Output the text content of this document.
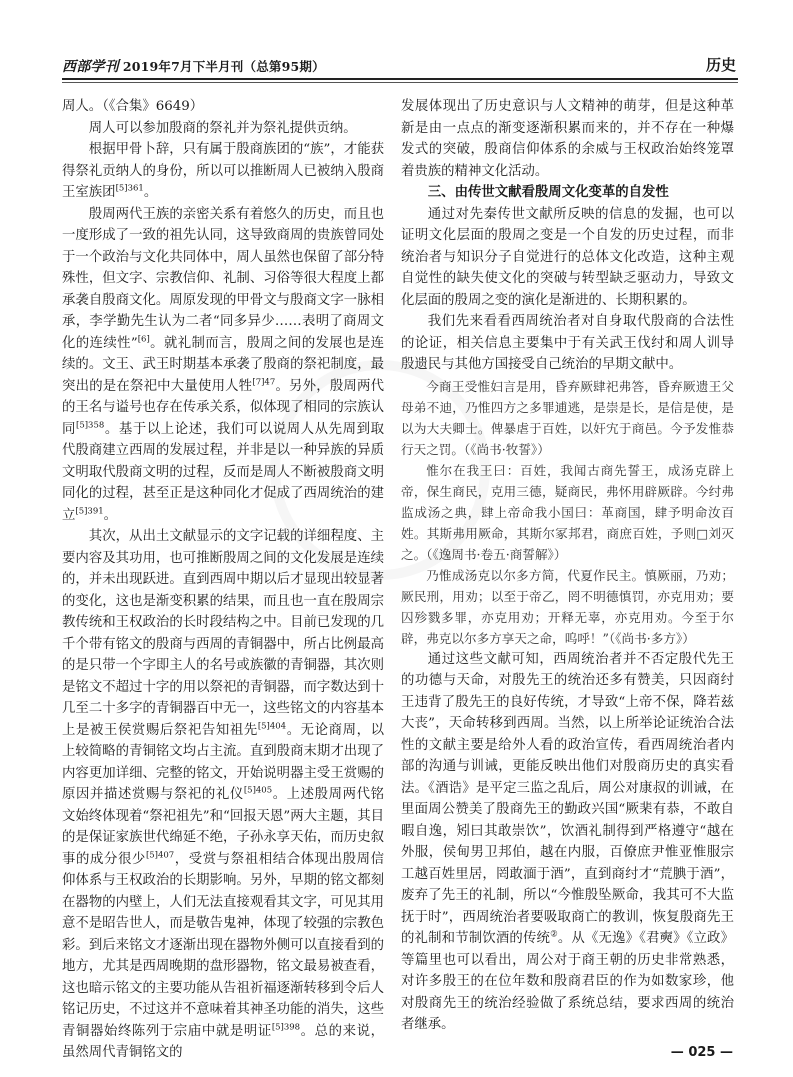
西部学刊 2019年7月下半月刊（总第95期）	历史

周人。（《合集》6649）

周人可以参加殷商的祭礼并为祭礼提供贡纳。

根据甲骨卜辞，只有属于殷商族团的“族”，才能获得祭礼贡纳人的身份，所以可以推断周人已被纳入殷商王室族团$^{[5]361}$。

殷周两代王族的亲密关系有着悠久的历史，而且也一度形成了一致的祖先认同，这导致商周的贵族曾同处于一个政治与文化共同体中，周人虽然也保留了部分特殊性，但文字、宗教信仰、礼制、习俗等很大程度上都承袭自殷商文化。周原发现的甲骨文与殷商文字一脉相承，李学勤先生认为二者“同多异少……表明了商周文化的连续性”[6]。就礼制而言，殷周之间的发展也是连续的。文王、武王时期基本承袭了殷商的祭祀制度，最突出的是在祭祀中大量使用人牲$^{[7]47}$。另外，殷周两代的王名与谥号也存在传承关系，似体现了相同的宗族认同$^{[5]358}$。基于以上论述，我们可以说周人从先周到取代殷商建立西周的发展过程，并非是以一种异族的异质文明取代殷商文明的过程，反而是周人不断被殷商文明同化的过程，甚至正是这种同化才促成了西周统治的建立$^{[5]391}$。

其次，从出土文献显示的文字记载的详细程度、主要内容及其功用，也可推断殷周之间的文化发展是连续的，并未出现跃进。直到西周中期以后才显现出较显著的变化，这也是渐变积累的结果，而且也一直在殷周宗教传统和王权政治的长时段结构之中。目前已发现的几千个带有铭文的殷商与西周的青铜器中，所占比例最高的是只带一个字即主人的名号或族徽的青铜器，其次则是铭文不超过十字的用以祭祀的青铜器，而字数达到十几至二十多字的青铜器百中无一，这些铭文的内容基本上是被王侯赏赐后祭祀告知祖先$^{[5]404}$。无论商周，以上较简略的青铜铭文均占主流。直到殷商末期才出现了内容更加详细、完整的铭文，开始说明器主受王赏赐的原因并描述赏赐与祭祀的礼仪$^{[5]405}$。上述殷周两代铭文始终体现着“祭祀祖先”和“回报天恩”两大主题，其目的是保证家族世代绵延不绝，子孙永享天佑，而历史叙事的成分很少$^{[5]407}$，受赏与祭祖相结合体现出殷周信仰体系与王权政治的长期影响。另外，早期的铭文都刻在器物的内壁上，人们无法直接观看其文字，可见其用意不是昭告世人，而是敬告鬼神，体现了较强的宗教色彩。到后来铭文才逐渐出现在器物外侧可以直接看到的地方，尤其是西周晚期的盘形器物，铭文最易被查看，这也暗示铭文的主要功能从告祖祈福逐渐转移到令后人铭记历史，不过这并不意味着其神圣功能的消失，这些青铜器始终陈列于宗庙中就是明证$^{[5]398}$。总的来说，虽然周代青铜铭文的

发展体现出了历史意识与人文精神的萌芽，但是这种革新是由一点点的渐变逐渐积累而来的，并不存在一种爆发式的突破，殷商信仰体系的余威与王权政治始终笼罩着贵族的精神文化活动。

三、由传世文献看殷周文化变革的自发性

通过对先秦传世文献所反映的信息的发掘，也可以证明文化层面的殷周之变是一个自发的历史过程，而非统治者与知识分子自觉进行的总体文化改造，这种主观自觉性的缺失使文化的突破与转型缺乏驱动力，导致文化层面的殷周之变的演化是渐进的、长期积累的。

我们先来看看西周统治者对自身取代殷商的合法性的论证，相关信息主要集中于有关武王伐纣和周人训导殷遗民与其他方国接受自己统治的早期文献中。

今商王受惟妇言是用，昏弃厥肆祀弗答，昏弃厥遗王父母弟不迪，乃惟四方之多罪逋逃，是崇是长，是信是使，是以为大夫卿士。俾暴虐于百姓，以奸宄于商邑。今予发惟恭行天之罚。（《尚书·牧誓》）

惟尔在我王曰：百姓，我闻古商先誓王，成汤克辟上帝，保生商民，克用三德，疑商民，弗怀用辟厥辟。今纣弗监成汤之典，肆上帝命我小国曰：革商国，肆予明命汝百姓。其斯弗用厥命，其斯尔冢邦君，商庶百姓，予则□刘灭之。（《逸周书·卷五·商誓解》）

乃惟成汤克以尔多方简，代夏作民主。慎厥丽，乃劝；厥民刑，用劝；以至于帝乙，罔不明德慎罚，亦克用劝；要囚殄戮多罪，亦克用劝；开释无辜，亦克用劝。今至于尔辟，弗克以尔多方享天之命，呜呼！”（《尚书·多方》）

通过这些文献可知，西周统治者并不否定殷代先王的功德与天命，对殷先王的统治还多有赞美，只因商纣王违背了殷先王的良好传统，才导致“上帝不保，降若兹大丧”，天命转移到西周。当然，以上所举论证统治合法性的文献主要是给外人看的政治宣传，看西周统治者内部的沟通与训诫，更能反映出他们对殷商历史的真实看法。《酒诰》是平定三监之乱后，周公对康叔的训诫，在里面周公赞美了殷商先王的勤政兴国“厥棐有恭，不敢自暇自逸，矧曰其敢崇饮”，饮酒礼制得到严格遵守“越在外服，侯甸男卫邦伯，越在内服，百僚庶尹惟亚惟服宗工越百姓里居，罔敢湎于酒”，直到商纣才“荒腆于酒”，废弃了先王的礼制，所以“今惟殷坠厥命，我其可不大监抚于时”，西周统治者要吸取商亡的教训，恢复殷商先王的礼制和节制饮酒的传统②。从《无逸》《君奭》《立政》等篇里也可以看出，周公对于商王朝的历史非常熟悉，对许多殷王的在位年数和殷商君臣的作为如数家珍，他对殷商先王的统治经验做了系统总结，要求西周的统治者继承。

— 025 —
